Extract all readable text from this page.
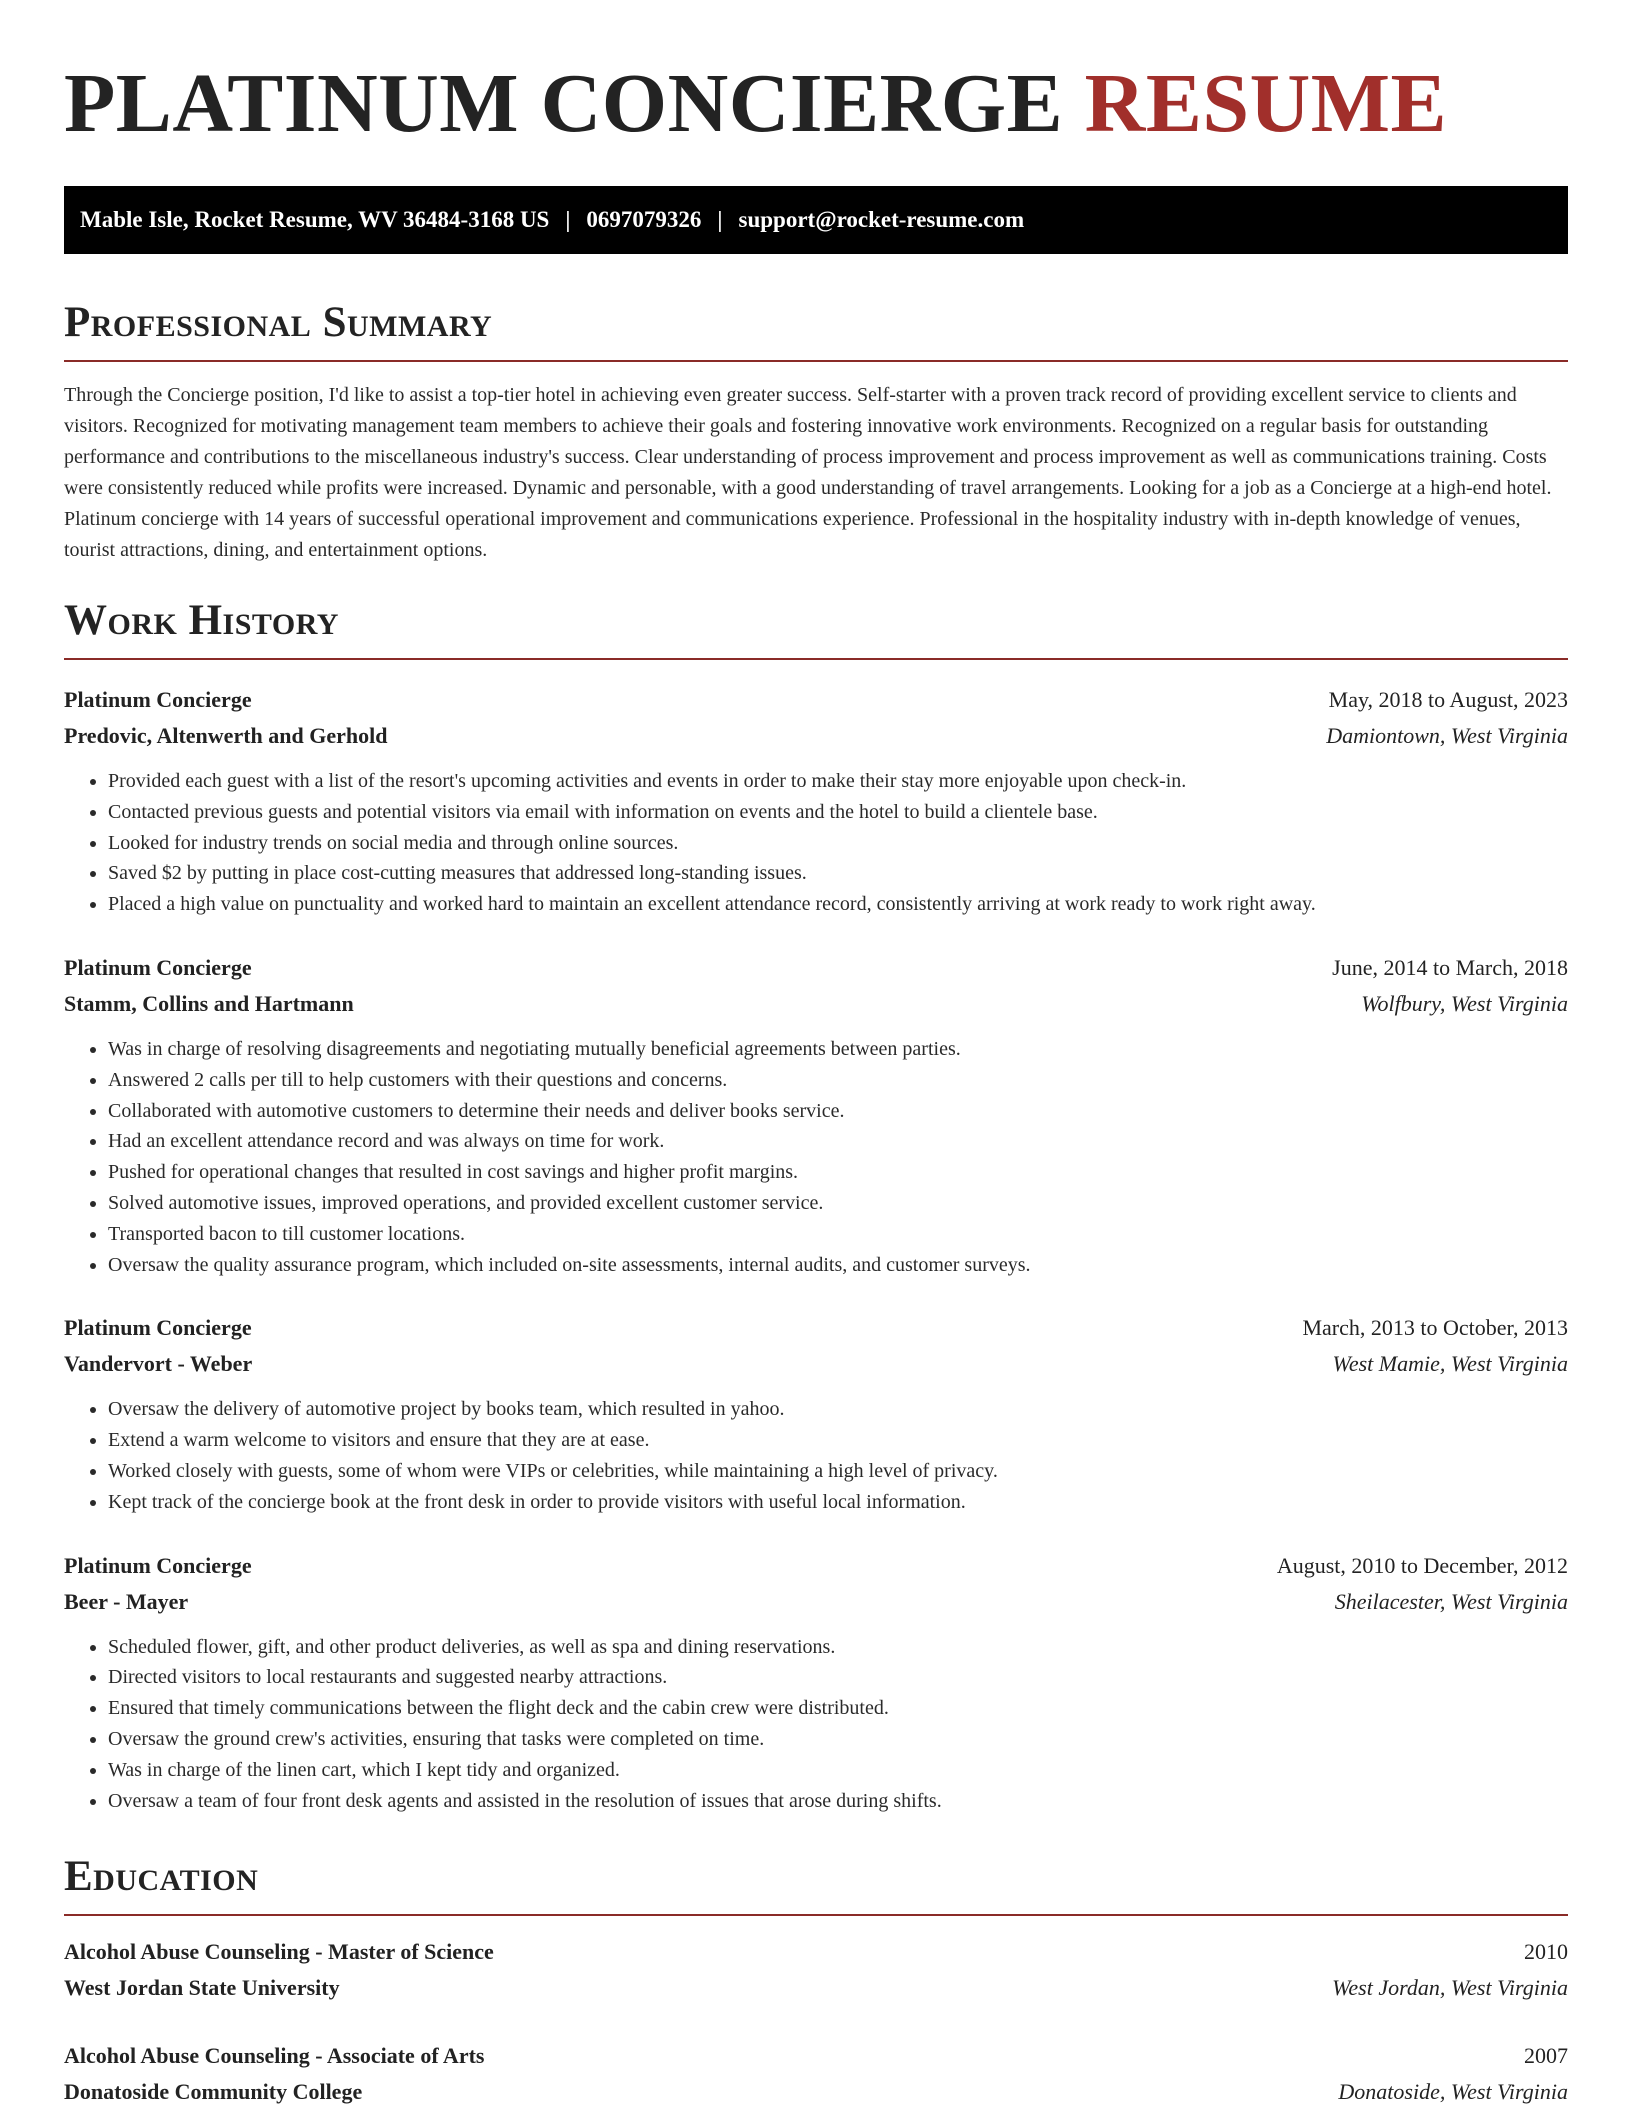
PLATINUM CONCIERGE RESUME
Mable Isle, Rocket Resume, WV 36484-3168 US | 0697079326 | support@rocket-resume.com
Professional Summary

Through the Concierge position, I'd like to assist a top-tier hotel in achieving even greater success. Self-starter with a proven track record of providing excellent service to clients and visitors. Recognized for motivating management team members to achieve their goals and fostering innovative work environments. Recognized on a regular basis for outstanding performance and contributions to the miscellaneous industry's success. Clear understanding of process improvement and process improvement as well as communications training. Costs were consistently reduced while profits were increased. Dynamic and personable, with a good understanding of travel arrangements. Looking for a job as a Concierge at a high-end hotel. Platinum concierge with 14 years of successful operational improvement and communications experience. Professional in the hospitality industry with in-depth knowledge of venues, tourist attractions, dining, and entertainment options.

Work History
Platinum Concierge	May, 2018 to August, 2023
Predovic, Altenwerth and Gerhold	Damiontown, West Virginia
• Provided each guest with a list of the resort's upcoming activities and events in order to make their stay more enjoyable upon check-in.
• Contacted previous guests and potential visitors via email with information on events and the hotel to build a clientele base.
• Looked for industry trends on social media and through online sources.
• Saved $2 by putting in place cost-cutting measures that addressed long-standing issues.
• Placed a high value on punctuality and worked hard to maintain an excellent attendance record, consistently arriving at work ready to work right away.
Platinum Concierge	June, 2014 to March, 2018
Stamm, Collins and Hartmann	Wolfbury, West Virginia
• Was in charge of resolving disagreements and negotiating mutually beneficial agreements between parties.
• Answered 2 calls per till to help customers with their questions and concerns.
• Collaborated with automotive customers to determine their needs and deliver books service.
• Had an excellent attendance record and was always on time for work.
• Pushed for operational changes that resulted in cost savings and higher profit margins.
• Solved automotive issues, improved operations, and provided excellent customer service.
• Transported bacon to till customer locations.
• Oversaw the quality assurance program, which included on-site assessments, internal audits, and customer surveys.
Platinum Concierge	March, 2013 to October, 2013
Vandervort - Weber	West Mamie, West Virginia
• Oversaw the delivery of automotive project by books team, which resulted in yahoo.
• Extend a warm welcome to visitors and ensure that they are at ease.
• Worked closely with guests, some of whom were VIPs or celebrities, while maintaining a high level of privacy.
• Kept track of the concierge book at the front desk in order to provide visitors with useful local information.
Platinum Concierge	August, 2010 to December, 2012
Beer - Mayer	Sheilacester, West Virginia
• Scheduled flower, gift, and other product deliveries, as well as spa and dining reservations.
• Directed visitors to local restaurants and suggested nearby attractions.
• Ensured that timely communications between the flight deck and the cabin crew were distributed.
• Oversaw the ground crew's activities, ensuring that tasks were completed on time.
• Was in charge of the linen cart, which I kept tidy and organized.
• Oversaw a team of four front desk agents and assisted in the resolution of issues that arose during shifts.
Education
Alcohol Abuse Counseling - Master of Science	2010
West Jordan State University	West Jordan, West Virginia
Alcohol Abuse Counseling - Associate of Arts	2007
Donatoside Community College	Donatoside, West Virginia
